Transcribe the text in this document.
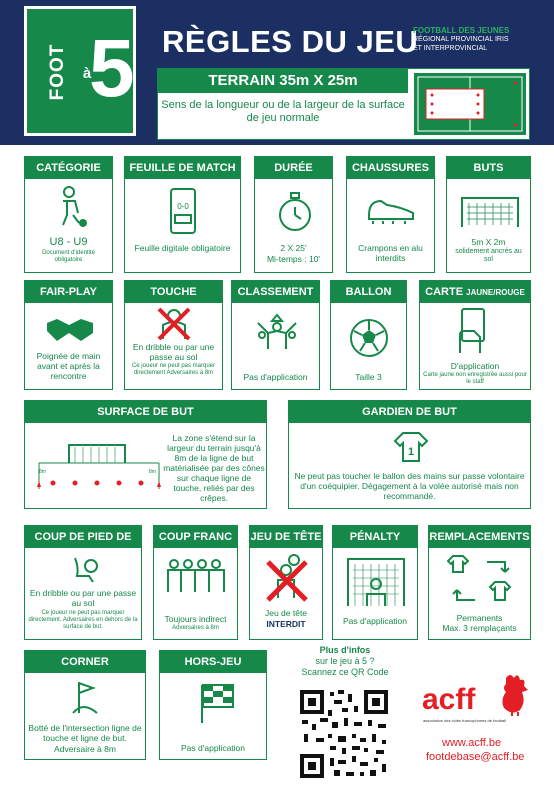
FOOT à
5 RÈGLES DU JEU
FOOTBALL DES JEUNES
RÉGIONAL PROVINCIAL IRIS
ET INTERPROVINCIAL
TERRAIN 35m X 25m
Sens de la longueur ou de la largeur de la surface de jeu normale
CATÉGORIE
U8 - U9
Document d'identité obligatoire
FEUILLE DE MATCH
0-0
Feuille digitale obligatoire
DURÉE
2 X 25'
Mi-temps : 10'
CHAUSSURES
Crampons en alu interdits
BUTS
5m X 2m
solidement ancrés au sol
FAIR-PLAY
Poignée de main avant et après la rencontre
TOUCHE
En dribble ou par une passe au sol
Ce joueur ne peut pas marquer directement Adversaires à 8m
CLASSEMENT
Pas d'application
BALLON
Taille 3
CARTE JAUNE/ROUGE
D'application
Carte jaune non enregistrée aussi pour le staff
SURFACE DE BUT
8m	8m
La zone s'étend sur la largeur du terrain jusqu'à 8m de la ligne de but matérialisée par des cônes sur chaque ligne de touche, reliés par des crêpes.
GARDIEN DE BUT
1
Ne peut pas toucher le ballon des mains sur passe volontaire d'un coéquipier. Dégagement à la volée autorisé mais non recommandé.
COUP DE PIED DE BUT
En dribble ou par une passe au sol
Ce joueur ne peut pas marquer directement. Adversaires en dehors de la surface de but.
COUP FRANC
Toujours indirect
Adversaires à 8m
JEU DE TÊTE
Jeu de tête
INTERDIT
PÉNALTY
Pas d'application
REMPLACEMENTS
Permanents
Max. 3 remplaçants
CORNER
Botté de l'intersection ligne de touche et ligne de but.
Adversaire à 8m
HORS-JEU
Pas d'application
Plus d'infos
sur le jeu à 5 ?
Scannez ce QR Code
acff
association des clubs francophones de football
www.acff.be
footdebase@acff.be
